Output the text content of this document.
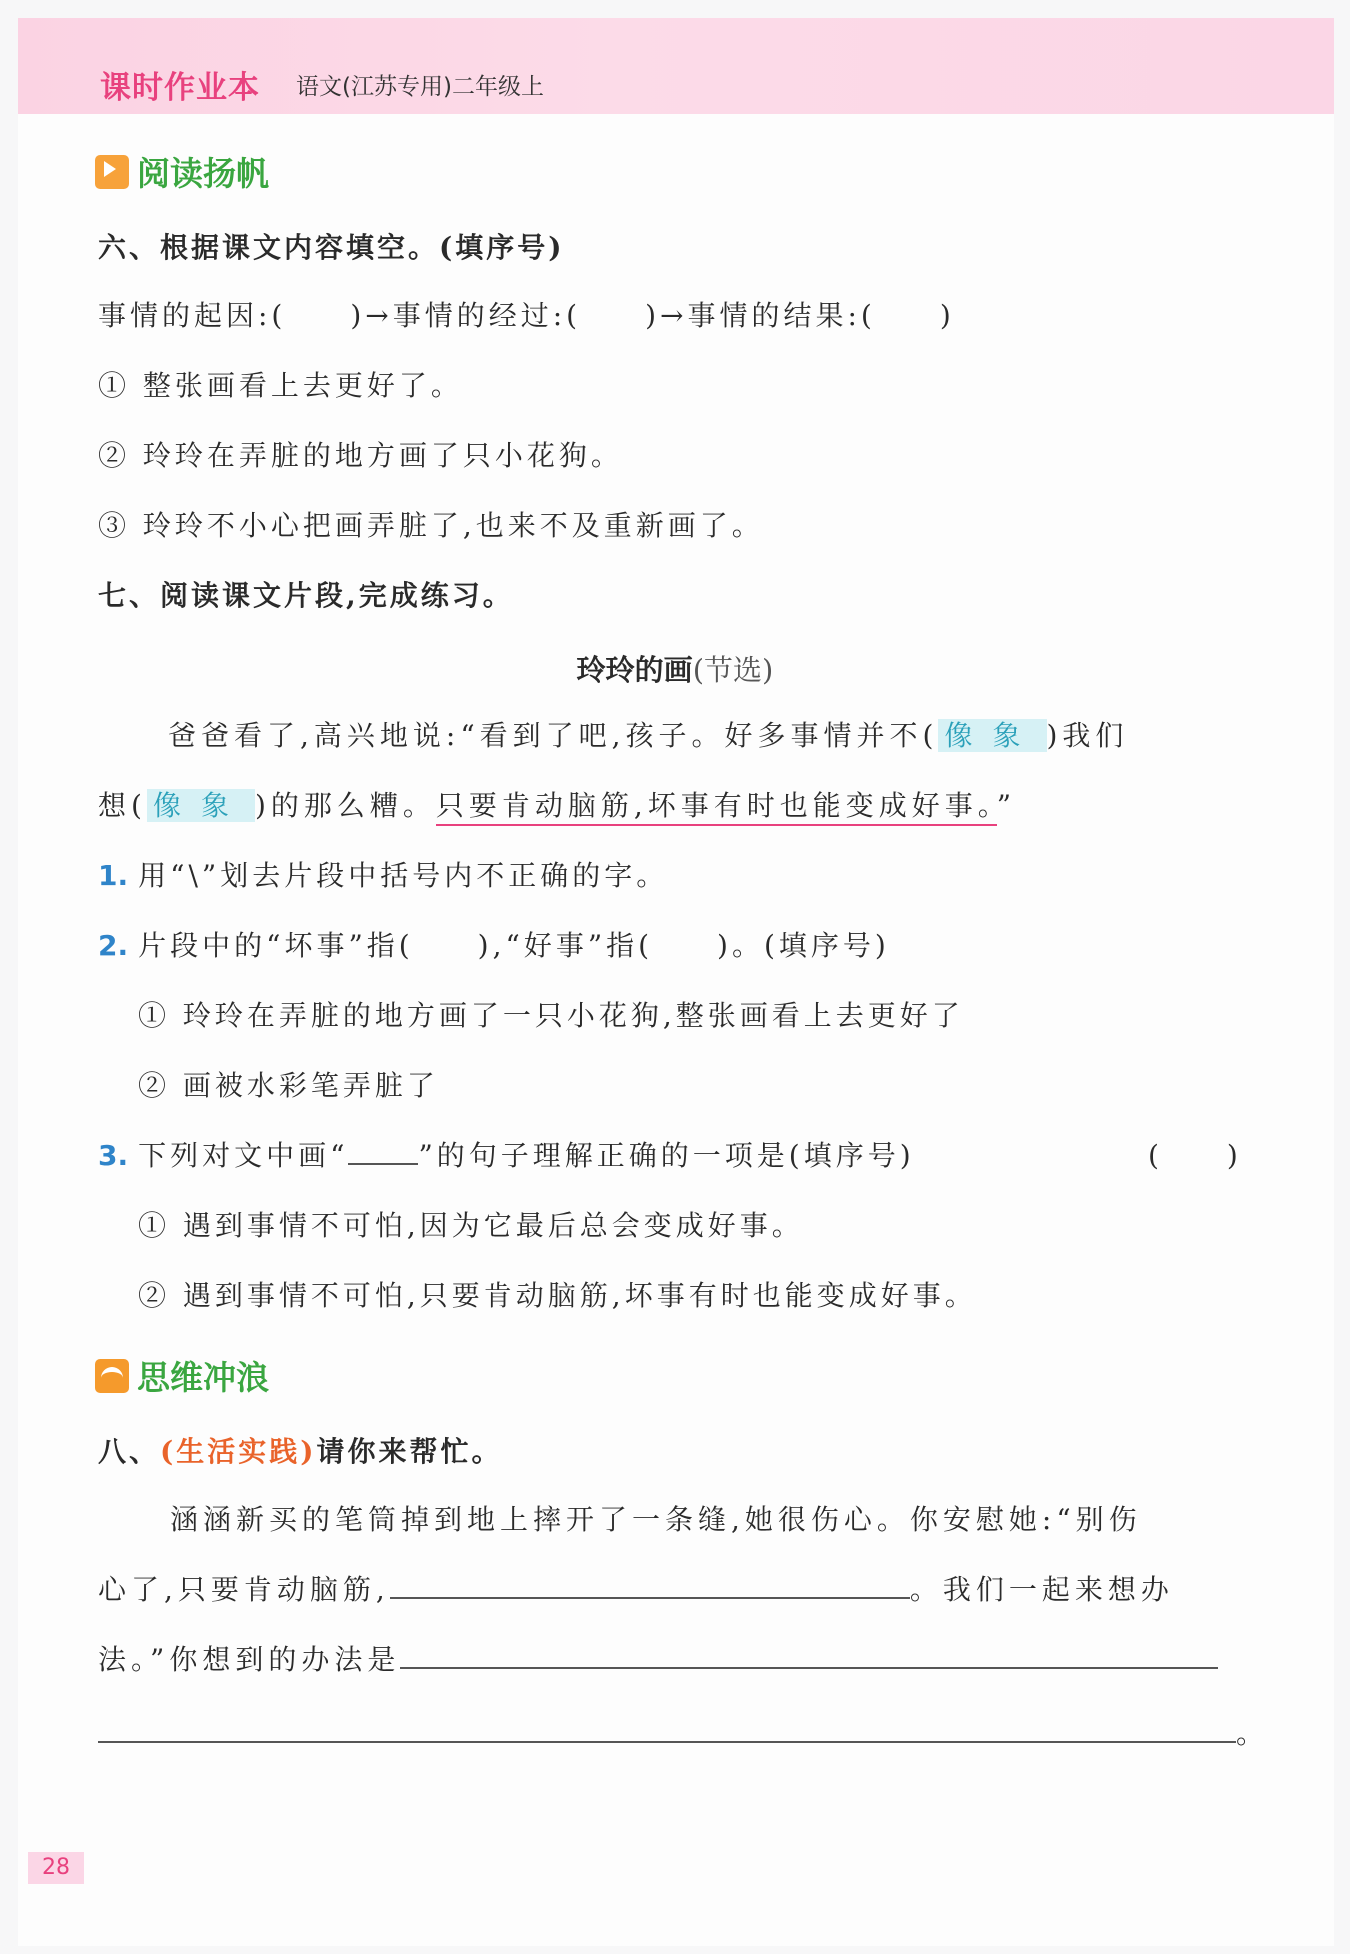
课时作业本 语文(江苏专用)二年级上
阅读扬帆
六、根据课文内容填空。(填序号)
事情的起因:(　　)→事情的经过:(　　)→事情的结果:(　　)
① 整张画看上去更好了。
② 玲玲在弄脏的地方画了只小花狗。
③ 玲玲不小心把画弄脏了,也来不及重新画了。
七、阅读课文片段,完成练习。
玲玲的画(节选)
爸爸看了,高兴地说:“看到了吧,孩子。好多事情并不( 像象 )我们
想( 像象 )的那么糟。只要肯动脑筋,坏事有时也能变成好事。”
1. 用“\”划去片段中括号内不正确的字。
2. 片段中的“坏事”指(　　),“好事”指(　　)。(填序号)
① 玲玲在弄脏的地方画了一只小花狗,整张画看上去更好了
② 画被水彩笔弄脏了
3. 下列对文中画“	”的句子理解正确的一项是(填序号)	(　　)
① 遇到事情不可怕,因为它最后总会变成好事。
② 遇到事情不可怕,只要肯动脑筋,坏事有时也能变成好事。
思维冲浪
八、(生活实践)请你来帮忙。
涵涵新买的笔筒掉到地上摔开了一条缝,她很伤心。你安慰她:“别伤
心了,只要肯动脑筋,	。我们一起来想办
法。”你想到的办法是
。
28
